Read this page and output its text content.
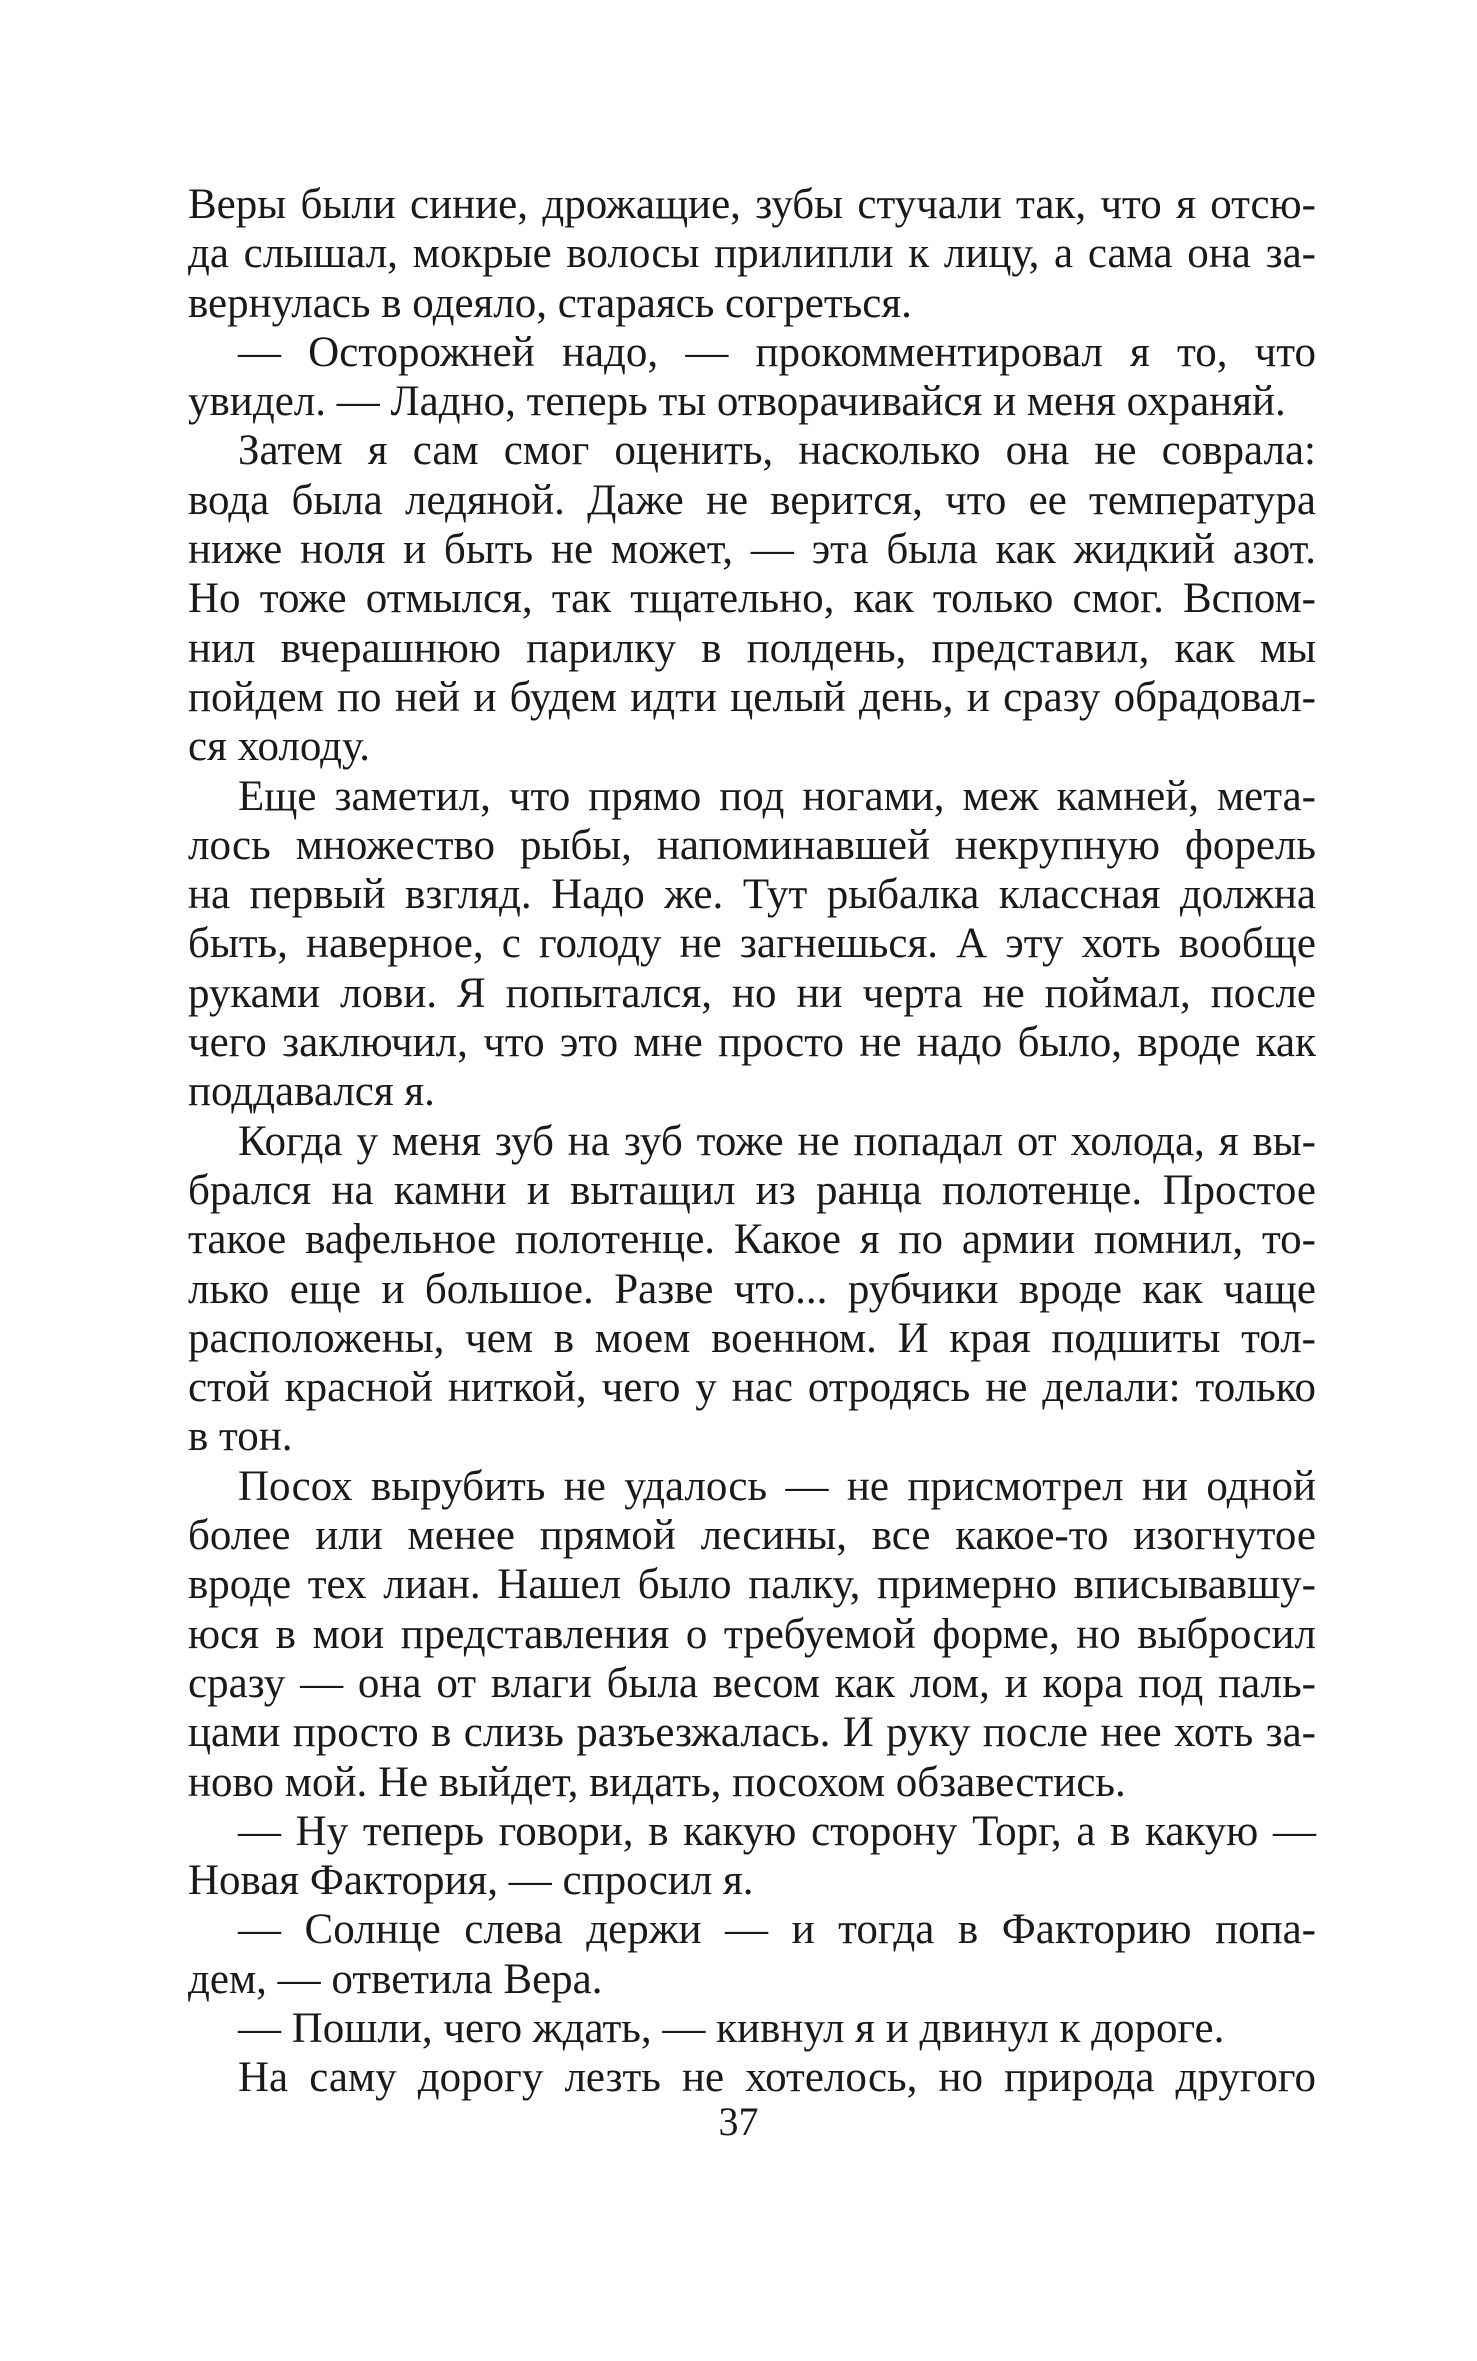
Веры были синие, дрожащие, зубы стучали так, что я отсю-
да слышал, мокрые волосы прилипли к лицу, а сама она за-
вернулась в одеяло, стараясь согреться.
— Осторожней надо, — прокомментировал я то, что
увидел. — Ладно, теперь ты отворачивайся и меня охраняй.
Затем я сам смог оценить, насколько она не соврала:
вода была ледяной. Даже не верится, что ее температура
ниже ноля и быть не может, — эта была как жидкий азот.
Но тоже отмылся, так тщательно, как только смог. Вспом-
нил вчерашнюю парилку в полдень, представил, как мы
пойдем по ней и будем идти целый день, и сразу обрадовал-
ся холоду.
Еще заметил, что прямо под ногами, меж камней, мета-
лось множество рыбы, напоминавшей некрупную форель
на первый взгляд. Надо же. Тут рыбалка классная должна
быть, наверное, с голоду не загнешься. А эту хоть вообще
руками лови. Я попытался, но ни черта не поймал, после
чего заключил, что это мне просто не надо было, вроде как
поддавался я.
Когда у меня зуб на зуб тоже не попадал от холода, я вы-
брался на камни и вытащил из ранца полотенце. Простое
такое вафельное полотенце. Какое я по армии помнил, то-
лько еще и большое. Разве что... рубчики вроде как чаще
расположены, чем в моем военном. И края подшиты тол-
стой красной ниткой, чего у нас отродясь не делали: только
в тон.
Посох вырубить не удалось — не присмотрел ни одной
более или менее прямой лесины, все какое-то изогнутое
вроде тех лиан. Нашел было палку, примерно вписывавшу-
юся в мои представления о требуемой форме, но выбросил
сразу — она от влаги была весом как лом, и кора под паль-
цами просто в слизь разъезжалась. И руку после нее хоть за-
ново мой. Не выйдет, видать, посохом обзавестись.
— Ну теперь говори, в какую сторону Торг, а в какую —
Новая Фактория, — спросил я.
— Солнце слева держи — и тогда в Факторию попа-
дем, — ответила Вера.
— Пошли, чего ждать, — кивнул я и двинул к дороге.
На саму дорогу лезть не хотелось, но природа другого
37
